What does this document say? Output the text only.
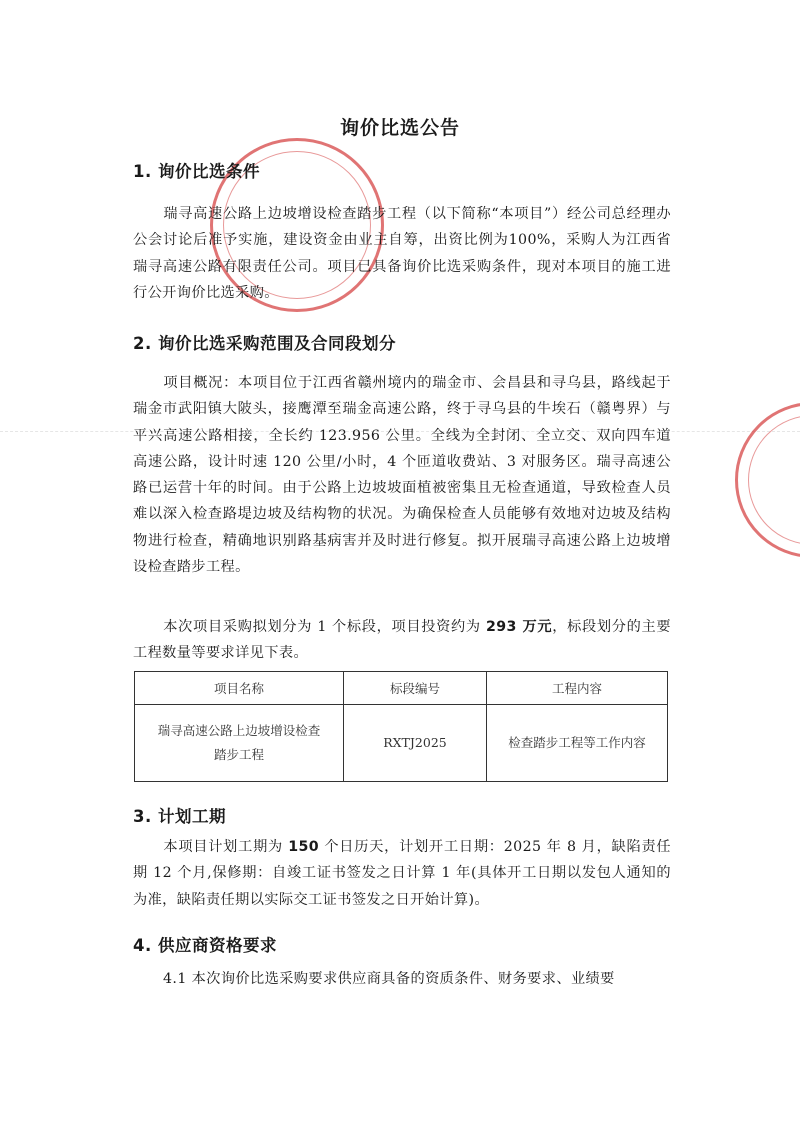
询价比选公告
1. 询价比选条件

瑞寻高速公路上边坡增设检查踏步工程（以下简称“本项目”）经公司总经理办公会讨论后准予实施，建设资金由业主自筹，出资比例为100%，采购人为江西省瑞寻高速公路有限责任公司。项目已具备询价比选采购条件，现对本项目的施工进行公开询价比选采购。

2. 询价比选采购范围及合同段划分

项目概况：本项目位于江西省赣州境内的瑞金市、会昌县和寻乌县，路线起于瑞金市武阳镇大陂头，接鹰潭至瑞金高速公路，终于寻乌县的牛埃石（赣粤界）与平兴高速公路相接，全长约 123.956 公里。全线为全封闭、全立交、双向四车道高速公路，设计时速 120 公里/小时，4 个匝道收费站、3 对服务区。瑞寻高速公路已运营十年的时间。由于公路上边坡坡面植被密集且无检查通道，导致检查人员难以深入检查路堤边坡及结构物的状况。为确保检查人员能够有效地对边坡及结构物进行检查，精确地识别路基病害并及时进行修复。拟开展瑞寻高速公路上边坡增设检查踏步工程。

本次项目采购拟划分为 1 个标段，项目投资约为 293 万元，标段划分的主要工程数量等要求详见下表。

项目名称	标段编号	工程内容
瑞寻高速公路上边坡增设检查
踏步工程	RXTJ2025	检查踏步工程等工作内容
3. 计划工期

本项目计划工期为 150 个日历天，计划开工日期：2025 年 8 月，缺陷责任期 12 个月,保修期：自竣工证书签发之日计算 1 年(具体开工日期以发包人通知的为准，缺陷责任期以实际交工证书签发之日开始计算)。

4. 供应商资格要求

4.1 本次询价比选采购要求供应商具备的资质条件、财务要求、业绩要
